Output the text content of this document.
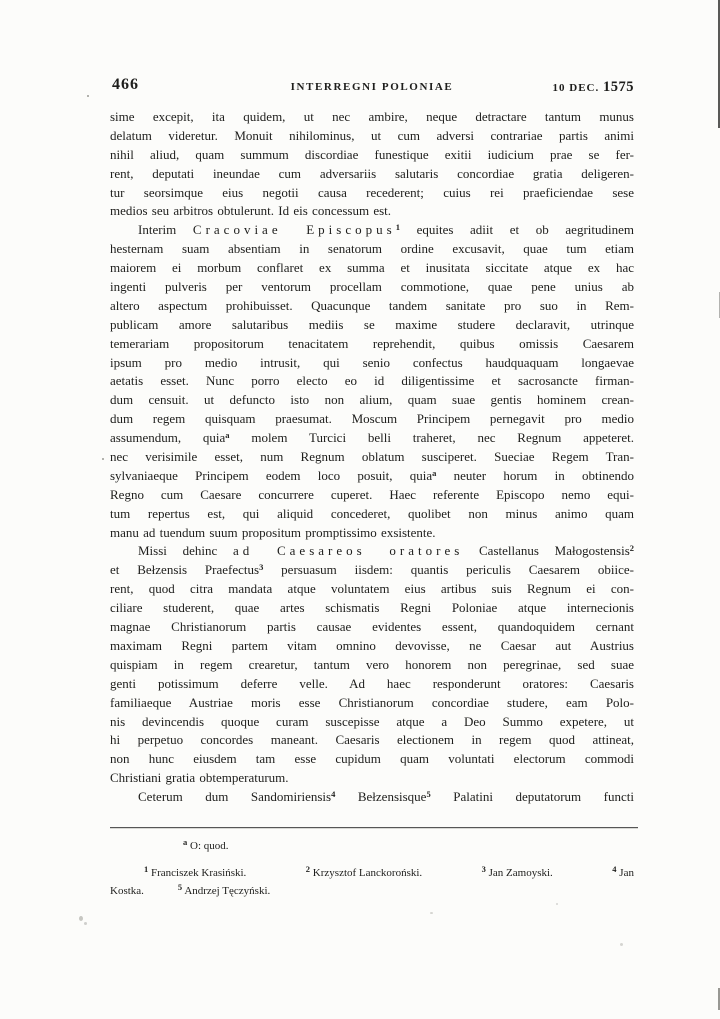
466	INTERREGNI POLONIAE	10 DEC. 1575
sime excepit, ita quidem, ut nec ambire, neque detractare tantum munus
delatum videretur. Monuit nihilominus, ut cum adversi contrariae partis animi
nihil aliud, quam summum discordiae funestique exitii iudicium prae se fer-
rent, deputati ineundae cum adversariis salutaris concordiae gratia deligeren-
tur seorsimque eius negotii causa recederent; cuius rei praeficiendae sese
medios seu arbitros obtulerunt. Id eis concessum est.
Interim Cracoviae Episcopus$^1$ equites adiit et ob aegritudinem
hesternam suam absentiam in senatorum ordine excusavit, quae tum etiam
maiorem ei morbum conflaret ex summa et inusitata siccitate atque ex hac
ingenti pulveris per ventorum procellam commotione, quae pene unius ab
altero aspectum prohibuisset. Quacunque tandem sanitate pro suo in Rem-
publicam amore salutaribus mediis se maxime studere declaravit, utrinque
temerariam propositorum tenacitatem reprehendit, quibus omissis Caesarem
ipsum pro medio intrusit, qui senio confectus haudquaquam longaevae
aetatis esset. Nunc porro electo eo id diligentissime et sacrosancte firman-
dum censuit. ut defuncto isto non alium, quam suae gentis hominem crean-
dum regem quisquam praesumat. Moscum Principem pernegavit pro medio
assumendum, quia$^a$ molem Turcici belli traheret, nec Regnum appeteret.
nec verisimile esset, num Regnum oblatum susciperet. Sueciae Regem Tran-
sylvaniaeque Principem eodem loco posuit, quia$^a$ neuter horum in obtinendo
Regno cum Caesare concurrere cuperet. Haec referente Episcopo nemo equi-
tum repertus est, qui aliquid concederet, quolibet non minus animo quam
manu ad tuendum suum propositum promptissimo exsistente.
Missi dehinc ad Caesareos oratores Castellanus Małogostensis$^2$
et Bełzensis Praefectus$^3$ persuasum iisdem: quantis periculis Caesarem obiice-
rent, quod citra mandata atque voluntatem eius artibus suis Regnum ei con-
ciliare studerent, quae artes schismatis Regni Poloniae atque internecionis
magnae Christianorum partis causae evidentes essent, quandoquidem cernant
maximam Regni partem vitam omnino devovisse, ne Caesar aut Austrius
quispiam in regem crearetur, tantum vero honorem non peregrinae, sed suae
genti potissimum deferre velle. Ad haec responderunt oratores: Caesaris
familiaeque Austriae moris esse Christianorum concordiae studere, eam Polo-
nis devincendis quoque curam suscepisse atque a Deo Summo expetere, ut
hi perpetuo concordes maneant. Caesaris electionem in regem quod attineat,
non hunc eiusdem tam esse cupidum quam voluntati electorum commodi
Christiani gratia obtemperaturum.
Ceterum dum Sandomiriensis$^4$ Bełzensisque$^5$ Palatini deputatorum functi
$^a$ O: quod.
$^1$ Franciszek Krasiński.	$^2$ Krzysztof Lanckoroński.	$^3$ Jan Zamoyski.	$^4$ Jan
Kostka.	$^5$ Andrzej Tęczyński.
